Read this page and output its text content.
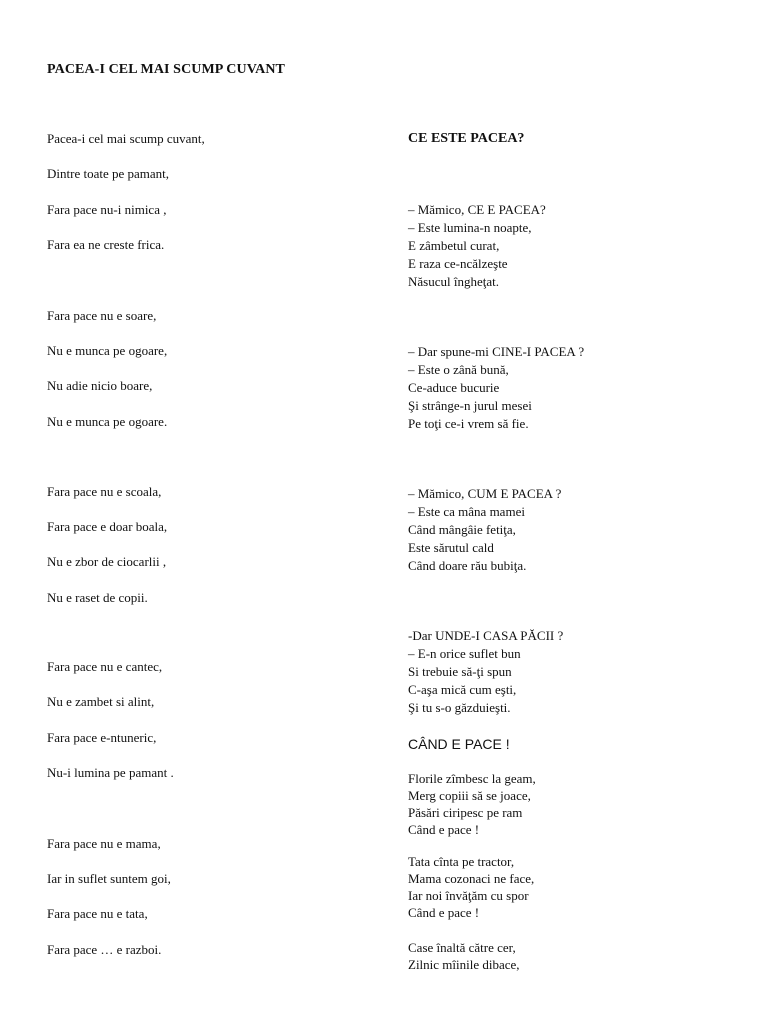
PACEA-I CEL MAI SCUMP CUVANT
Pacea-i cel mai scump cuvant,
Dintre toate pe pamant,
Fara pace nu-i nimica ,
Fara ea ne creste frica.
Fara pace nu e soare,
Nu e munca pe ogoare,
Nu adie nicio boare,
Nu e munca pe ogoare.
Fara pace nu e scoala,
Fara pace e doar boala,
Nu e zbor de ciocarlii ,
Nu e raset de copii.
Fara pace nu e cantec,
Nu e zambet si alint,
Fara pace e-ntuneric,
Nu-i lumina pe pamant .
Fara pace nu e mama,
Iar in suflet suntem goi,
Fara pace nu e tata,
Fara pace … e razboi.
CE ESTE PACEA?
– Mămico, CE E PACEA?
– Este lumina-n noapte,
E zâmbetul curat,
E raza ce-ncălzeşte
Năsucul îngheţat.
– Dar spune-mi CINE-I PACEA ?
– Este o zână bună,
Ce-aduce bucurie
Şi strânge-n jurul mesei
Pe toţi ce-i vrem să fie.
– Mămico, CUM E PACEA ?
– Este ca mâna mamei
Când mângâie fetiţa,
Este sărutul cald
Când doare rău bubiţa.
-Dar UNDE-I CASA PĂCII ?
– E-n orice suflet bun
Si trebuie să-ţi spun
C-aşa mică cum eşti,
Şi tu s-o găzduieşti.
CÂND E PACE !
Florile zîmbesc la geam,
Merg copiii să se joace,
Păsări ciripesc pe ram
Când e pace !
Tata cînta pe tractor,
Mama cozonaci ne face,
Iar noi învăţăm cu spor
Când e pace !
Case înaltă către cer,
Zilnic mîinile dibace,
